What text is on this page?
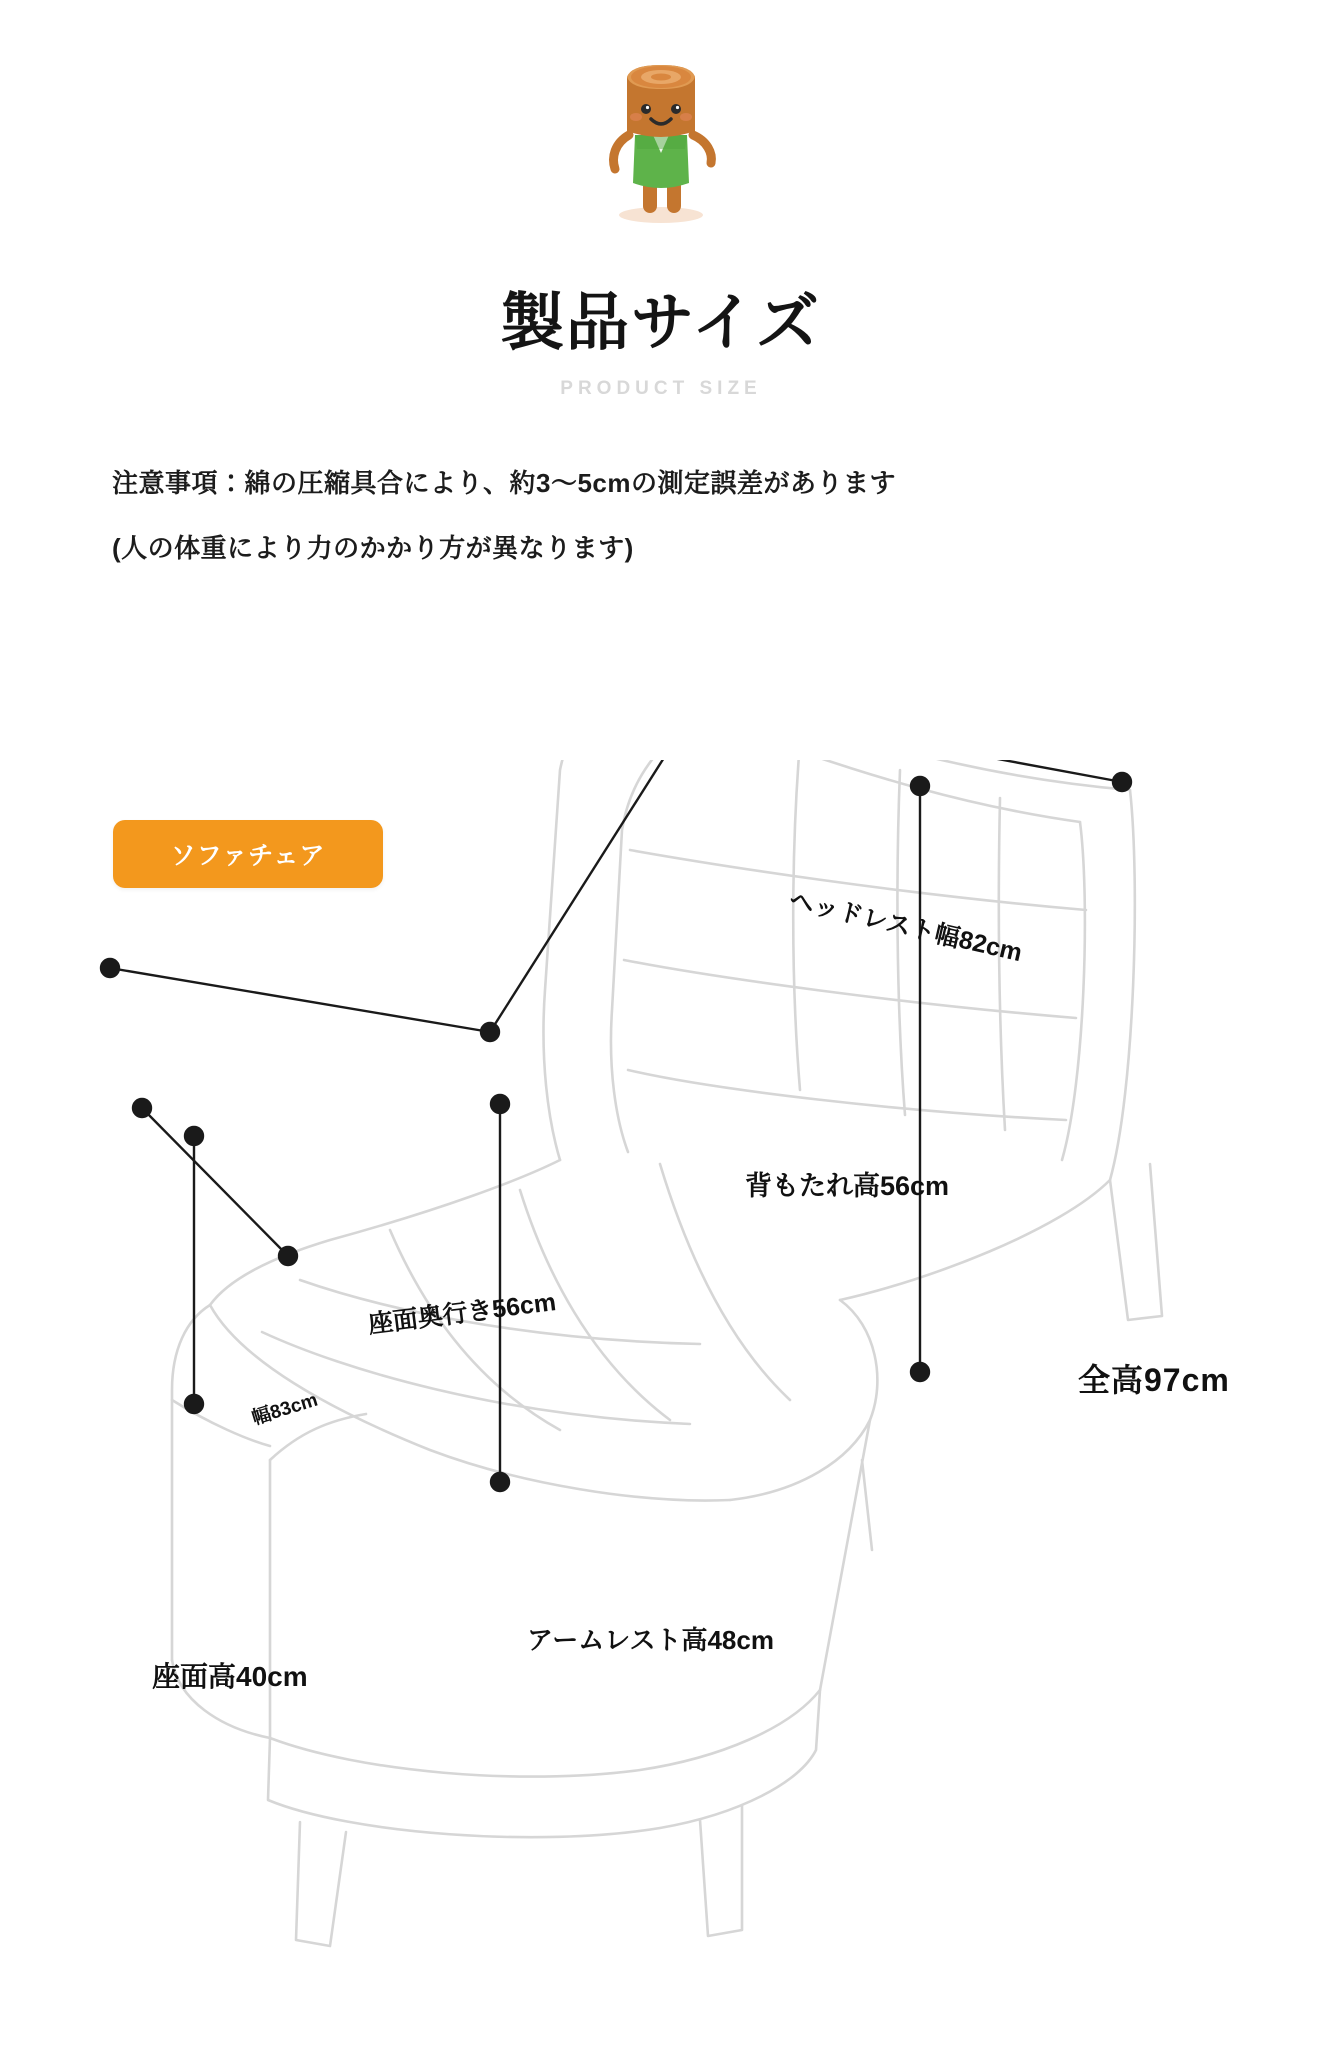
製品サイズ
PRODUCT SIZE
注意事項：綿の圧縮具合により、約3〜5cmの測定誤差があります
(人の体重により力のかかり方が異なります)
ソファチェア
ヘッドレスト幅82cm
背もたれ高56cm
座面奥行き56cm
幅83cm
アームレスト高48cm
座面高40cm
全高97cm
